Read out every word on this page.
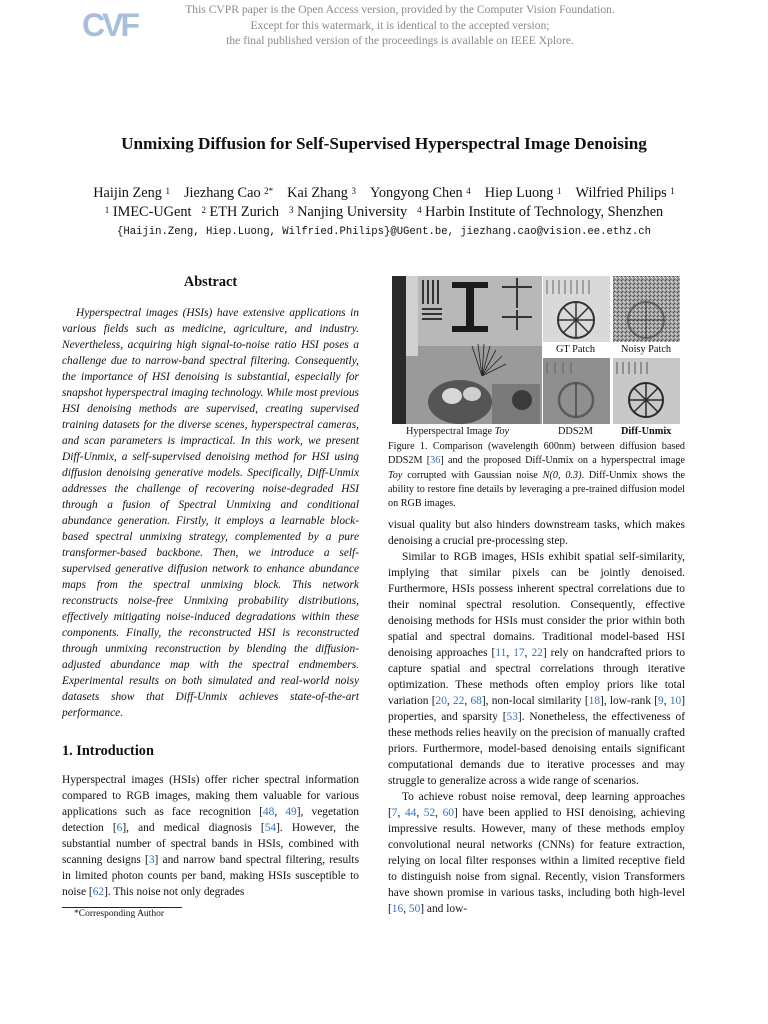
CVF	This CVPR paper is the Open Access version, provided by the Computer Vision Foundation.
Except for this watermark, it is identical to the accepted version;
the final published version of the proceedings is available on IEEE Xplore.
Unmixing Diffusion for Self-Supervised Hyperspectral Image Denoising
Haijin Zeng $^1$ Jiezhang Cao $^{2*}$ Kai Zhang $^3$ Yongyong Chen $^4$ Hiep Luong $^1$ Wilfried Philips $^1$
$^1$ IMEC-UGent $^2$ ETH Zurich $^3$ Nanjing University $^4$ Harbin Institute of Technology, Shenzhen
{Haijin.Zeng, Hiep.Luong, Wilfried.Philips}@UGent.be, jiezhang.cao@vision.ee.ethz.ch
Abstract
Hyperspectral images (HSIs) have extensive applications in various fields such as medicine, agriculture, and industry. Nevertheless, acquiring high signal-to-noise ratio HSI poses a challenge due to narrow-band spectral filtering. Consequently, the importance of HSI denoising is substantial, especially for snapshot hyperspectral imaging technology. While most previous HSI denoising methods are supervised, creating supervised training datasets for the diverse scenes, hyperspectral cameras, and scan parameters is impractical. In this work, we present Diff-Unmix, a self-supervised denoising method for HSI using diffusion denoising generative models. Specifically, Diff-Unmix addresses the challenge of recovering noise-degraded HSI through a fusion of Spectral Unmixing and conditional abundance generation. Firstly, it employs a learnable block-based spectral unmixing strategy, complemented by a pure transformer-based backbone. Then, we introduce a self-supervised generative diffusion network to enhance abundance maps from the spectral unmixing block. This network reconstructs noise-free Unmixing probability distributions, effectively mitigating noise-induced degradations within these components. Finally, the reconstructed HSI is reconstructed through unmixing reconstruction by blending the diffusion-adjusted abundance map with the spectral endmembers. Experimental results on both simulated and real-world noisy datasets show that Diff-Unmix achieves state-of-the-art performance.
1. Introduction
Hyperspectral images (HSIs) offer richer spectral information compared to RGB images, making them valuable for various applications such as face recognition [48, 49], vegetation detection [6], and medical diagnosis [54]. However, the substantial number of spectral bands in HSIs, combined with scanning designs [3] and narrow band spectral filtering, results in limited photon counts per band, making HSIs susceptible to noise [62]. This noise not only degrades
*Corresponding Author
GT Patch	Noisy Patch
DDS2M	Diff-Unmix
Hyperspectral Image Toy
Figure 1. Comparison (wavelength 600nm) between diffusion based DDS2M [36] and the proposed Diff-Unmix on a hyperspectral image Toy corrupted with Gaussian noise N(0, 0.3). Diff-Unmix shows the ability to restore fine details by leveraging a pre-trained diffusion model on RGB images.
visual quality but also hinders downstream tasks, which makes denoising a crucial pre-processing step.
Similar to RGB images, HSIs exhibit spatial self-similarity, implying that similar pixels can be jointly denoised. Furthermore, HSIs possess inherent spectral correlations due to their nominal spectral resolution. Consequently, effective denoising methods for HSIs must consider the prior within both spatial and spectral domains. Traditional model-based HSI denoising approaches [11, 17, 22] rely on handcrafted priors to capture spatial and spectral correlations through iterative optimization. These methods often employ priors like total variation [20, 22, 68], non-local similarity [18], low-rank [9, 10] properties, and sparsity [53]. Nonetheless, the effectiveness of these methods relies heavily on the precision of manually crafted priors. Furthermore, model-based denoising entails significant computational demands due to iterative processes and may struggle to generalize across a wide range of scenarios.
To achieve robust noise removal, deep learning approaches [7, 44, 52, 60] have been applied to HSI denoising, achieving impressive results. However, many of these methods employ convolutional neural networks (CNNs) for feature extraction, relying on local filter responses within a limited receptive field to distinguish noise from signal. Recently, vision Transformers have shown promise in various tasks, including both high-level [16, 50] and low-
